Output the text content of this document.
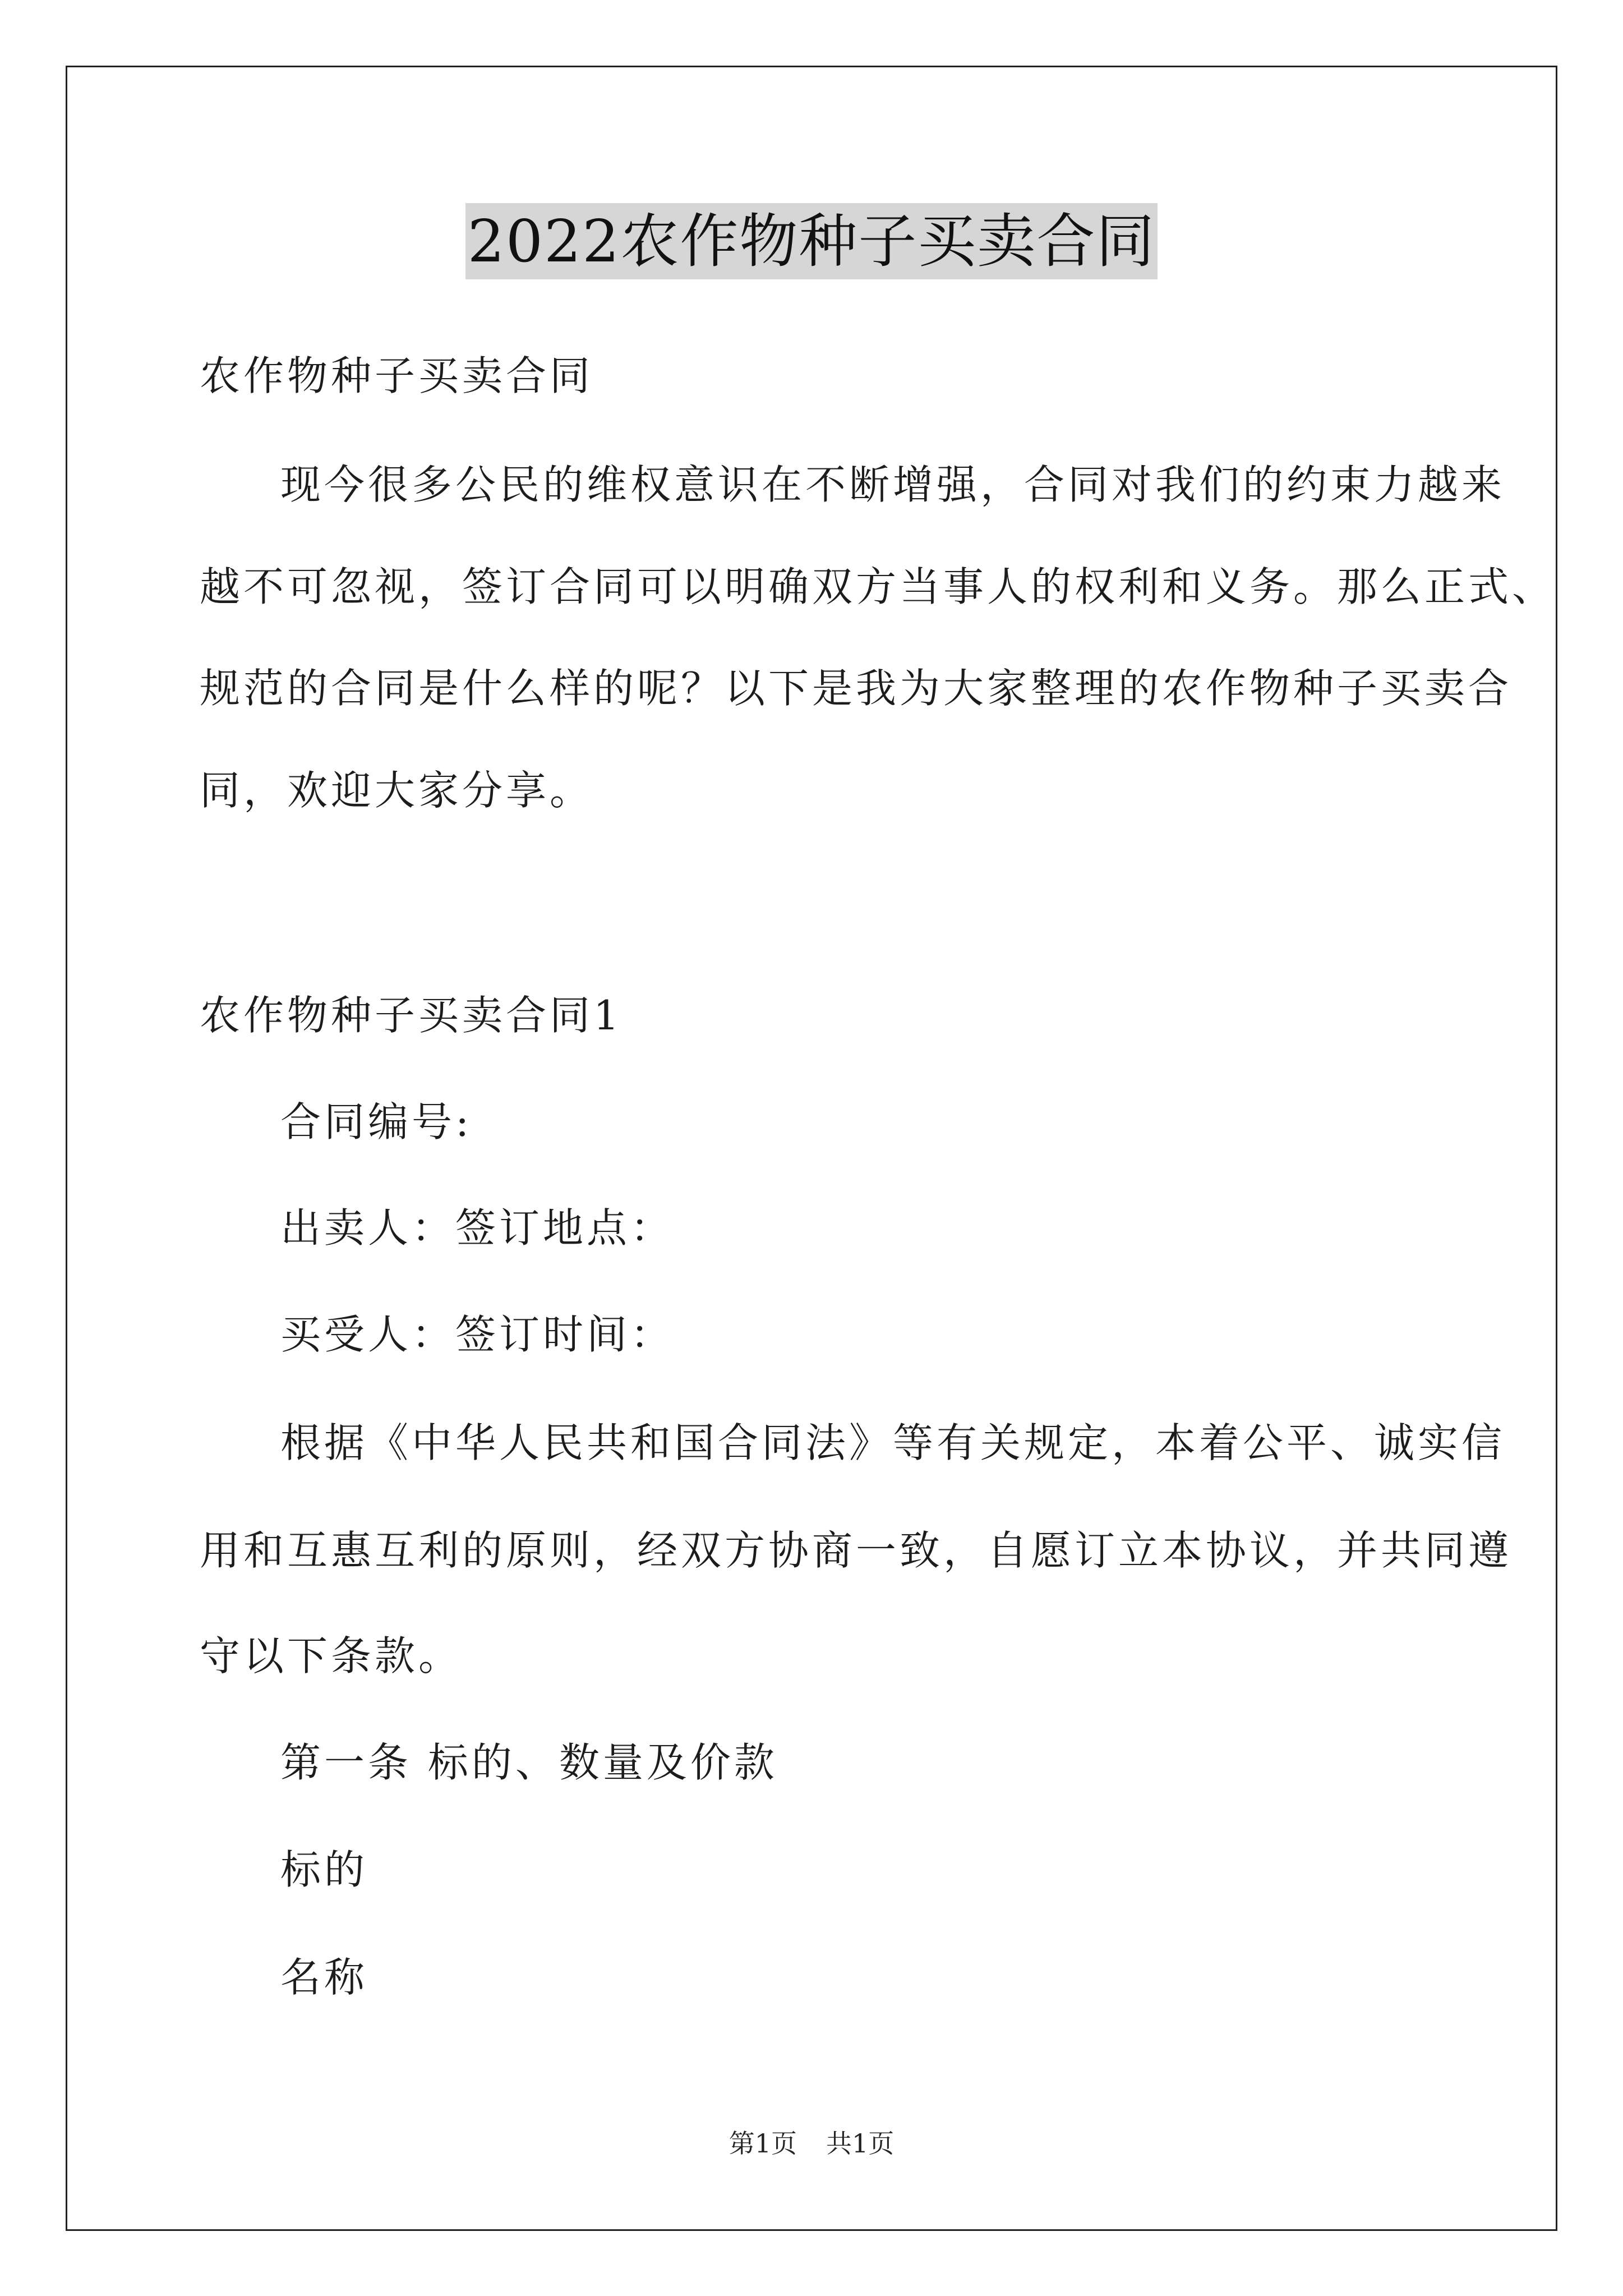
2022农作物种子买卖合同
农作物种子买卖合同
现今很多公民的维权意识在不断增强，合同对我们的约束力越来
越不可忽视，签订合同可以明确双方当事人的权利和义务。那么正式、
规范的合同是什么样的呢？以下是我为大家整理的农作物种子买卖合
同，欢迎大家分享。
农作物种子买卖合同1
合同编号:
出卖人：签订地点：
买受人：签订时间：
根据《中华人民共和国合同法》等有关规定，本着公平、诚实信
用和互惠互利的原则，经双方协商一致，自愿订立本协议，并共同遵
守以下条款。
第一条 标的、数量及价款
标的
名称
第1页 共1页
